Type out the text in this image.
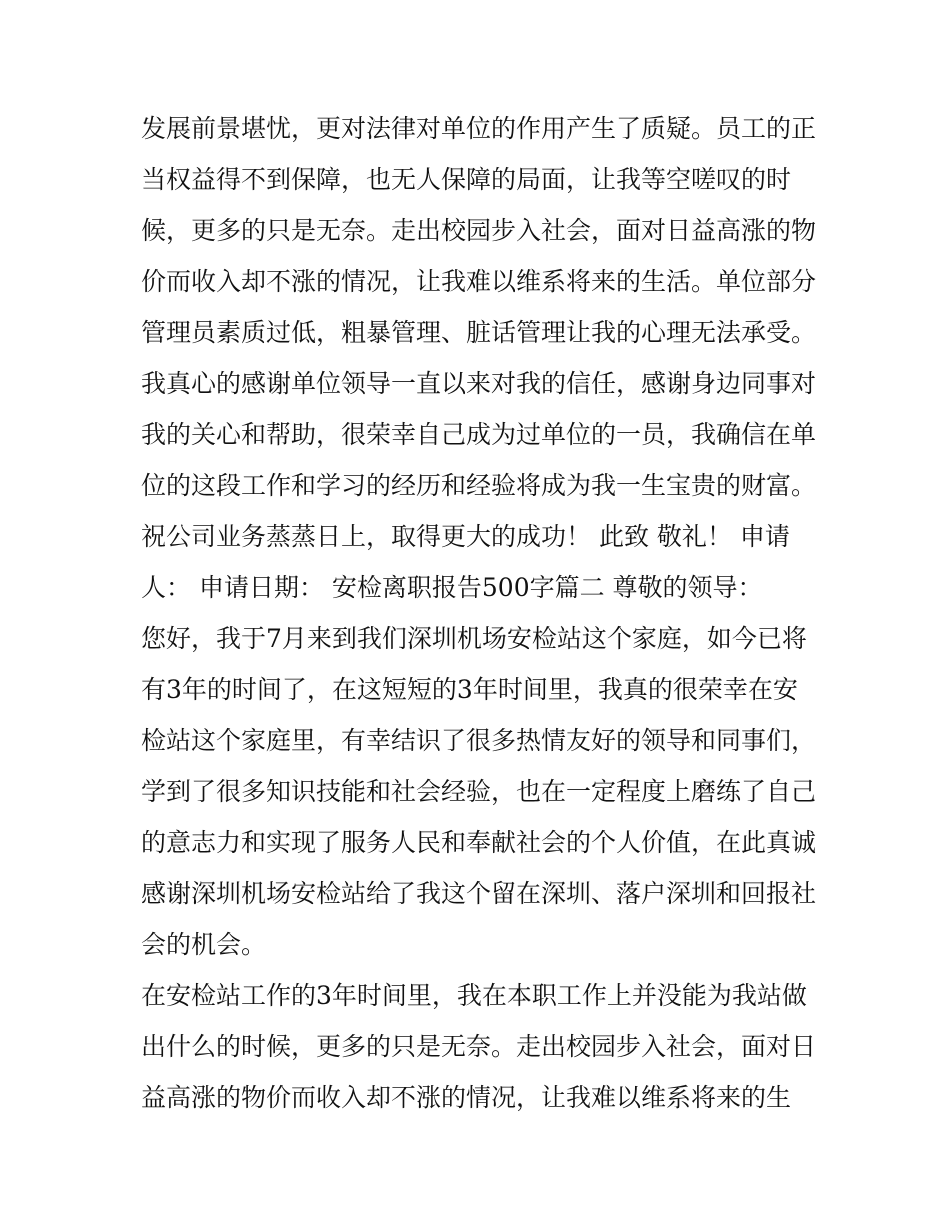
发展前景堪忧，更对法律对单位的作用产生了质疑。员工的正
当权益得不到保障，也无人保障的局面，让我等空嗟叹的时
候，更多的只是无奈。走出校园步入社会，面对日益高涨的物
价而收入却不涨的情况，让我难以维系将来的生活。单位部分
管理员素质过低，粗暴管理、脏话管理让我的心理无法承受。
我真心的感谢单位领导一直以来对我的信任，感谢身边同事对
我的关心和帮助，很荣幸自己成为过单位的一员，我确信在单
位的这段工作和学习的经历和经验将成为我一生宝贵的财富。
祝公司业务蒸蒸日上，取得更大的成功！ 此致 敬礼！ 申请
人： 申请日期： 安检离职报告500字篇二 尊敬的领导：
您好，我于7月来到我们深圳机场安检站这个家庭，如今已将
有3年的时间了，在这短短的3年时间里，我真的很荣幸在安
检站这个家庭里，有幸结识了很多热情友好的领导和同事们，
学到了很多知识技能和社会经验，也在一定程度上磨练了自己
的意志力和实现了服务人民和奉献社会的个人价值，在此真诚
感谢深圳机场安检站给了我这个留在深圳、落户深圳和回报社
会的机会。
在安检站工作的3年时间里，我在本职工作上并没能为我站做
出什么的时候，更多的只是无奈。走出校园步入社会，面对日
益高涨的物价而收入却不涨的情况，让我难以维系将来的生
